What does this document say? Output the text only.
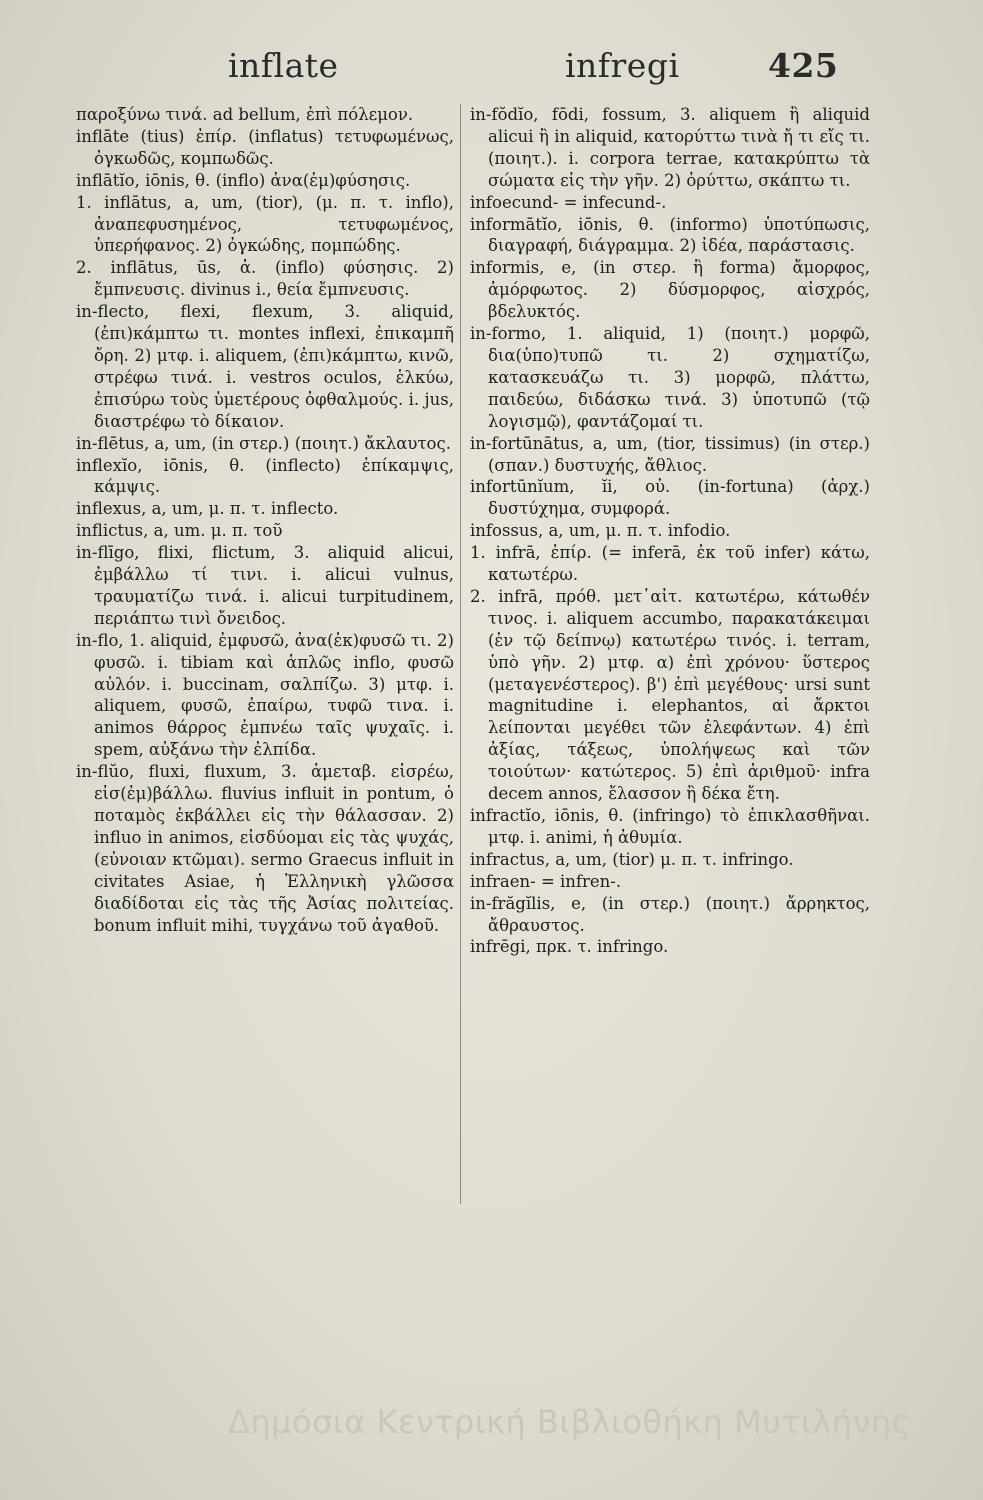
inflate	infregi	425

παροξύνω τινά. ad bellum, ἐπὶ πόλεμον.

inflāte (tius) ἐπίρ. (inflatus) τετυφωμένως, ὀγκωδῶς, κομπωδῶς.

inflātĭo, iōnis, θ. (inflo) ἀνα(ἐμ)φύσησις.

1. inflātus, a, um, (tior), (μ. π. τ. inflo), ἀναπεφυσημένος, τετυφωμένος, ὑπερήφανος. 2) ὀγκώδης, πομπώδης.

2. inflātus, ūs, ἀ. (inflo) φύσησις. 2) ἔμπνευσις. divinus i., θεία ἔμπνευσις.

in-flecto, flexi, flexum, 3. aliquid, (ἐπι)κάμπτω τι. montes inflexi, ἐπικαμπῆ ὄρη. 2) μτφ. i. aliquem, (ἐπι)κάμπτω, κινῶ, στρέφω τινά. i. vestros oculos, ἑλκύω, ἐπισύρω τοὺς ὑμετέρους ὀφθαλμούς. i. jus, διαστρέφω τὸ δίκαιον.

in-flētus, a, um, (in στερ.) (ποιητ.) ἄκλαυτος.

inflexĭo, iōnis, θ. (inflecto) ἐπίκαμψις, κάμψις.

inflexus, a, um, μ. π. τ. inflecto.

inflictus, a, um. μ. π. τοῦ

in-flīgo, flixi, flictum, 3. aliquid alicui, ἐμβάλλω τί τινι. i. alicui vulnus, τραυματίζω τινά. i. alicui turpitudinem, περιάπτω τινὶ ὄνειδος.

in-flo, 1. aliquid, ἐμφυσῶ, ἀνα(ἐκ)φυσῶ τι. 2) φυσῶ. i. tibiam καὶ ἁπλῶς inflo, φυσῶ αὐλόν. i. buccinam, σαλπίζω. 3) μτφ. i. aliquem, φυσῶ, ἐπαίρω, τυφῶ τινα. i. animos θάρρος ἐμπνέω ταῖς ψυχαῖς. i. spem, αὐξάνω τὴν ἐλπίδα.

in-flŭo, fluxi, fluxum, 3. ἀμεταβ. εἰσρέω, εἰσ(ἐμ)βάλλω. fluvius influit in pontum, ὁ ποταμὸς ἐκβάλλει εἰς τὴν θάλασσαν. 2) influo in animos, εἰσδύομαι εἰς τὰς ψυχάς, (εὐνοιαν κτῶμαι). sermo Graecus influit in civitates Asiae, ἡ Ἑλληνικὴ γλῶσσα διαδίδοται εἰς τὰς τῆς Ἀσίας πολιτείας. bonum influit mihi, τυγχάνω τοῦ ἀγαθοῦ.

in-fŏdĭo, fōdi, fossum, 3. aliquem ἢ aliquid alicui ἢ in aliquid, κατορύττω τινὰ ἤ τι εἴς τι. (ποιητ.). i. corpora terrae, κατακρύπτω τὰ σώματα εἰς τὴν γῆν. 2) ὀρύττω, σκάπτω τι.

infoecund- = infecund-.

informātĭo, iōnis, θ. (informo) ὑποτύπωσις, διαγραφή, διάγραμμα. 2) ἰδέα, παράστασις.

informis, e, (in στερ. ἢ forma) ἄμορφος, ἀμόρφωτος. 2) δύσμορφος, αἰσχρός, βδελυκτός.

in-formo, 1. aliquid, 1) (ποιητ.) μορφῶ, δια(ὑπο)τυπῶ τι. 2) σχηματίζω, κατασκευάζω τι. 3) μορφῶ, πλάττω, παιδεύω, διδάσκω τινά. 3) ὑποτυπῶ (τῷ λογισμῷ), φαντάζομαί τι.

in-fortūnātus, a, um, (tior, tissimus) (in στερ.) (σπαν.) δυστυχής, ἄθλιος.

infortūnĭum, ĭi, οὐ. (in-fortuna) (ἀρχ.) δυστύχημα, συμφορά.

infossus, a, um, μ. π. τ. infodio.

1. infrā, ἐπίρ. (= inferā, ἐκ τοῦ infer) κάτω, κατωτέρω.

2. infrā, πρόθ. μετ᾽αἰτ. κατωτέρω, κάτωθέν τινος. i. aliquem accumbo, παρακατάκειμαι (ἐν τῷ δείπνῳ) κατωτέρω τινός. i. terram, ὑπὸ γῆν. 2) μτφ. α) ἐπὶ χρόνου· ὕστερος (μεταγενέστερος). β') ἐπὶ μεγέθους· ursi sunt magnitudine i. elephantos, αἱ ἄρκτοι λείπονται μεγέθει τῶν ἐλεφάντων. 4) ἐπὶ ἀξίας, τάξεως, ὑπολήψεως καὶ τῶν τοιούτων· κατώτερος. 5) ἐπὶ ἀριθμοῦ· infra decem annos, ἔλασσον ἢ δέκα ἔτη.

infractĭo, iōnis, θ. (infringo) τὸ ἐπικλασθῆναι. μτφ. i. animi, ἡ ἀθυμία.

infractus, a, um, (tior) μ. π. τ. infringo.

infraen- = infren-.

in-frăgĭlis, e, (in στερ.) (ποιητ.) ἄρρηκτος, ἄθραυστος.

infrēgi, πρκ. τ. infringo.

Δημόσια Κεντρική Βιβλιοθήκη Μυτιλήνης
